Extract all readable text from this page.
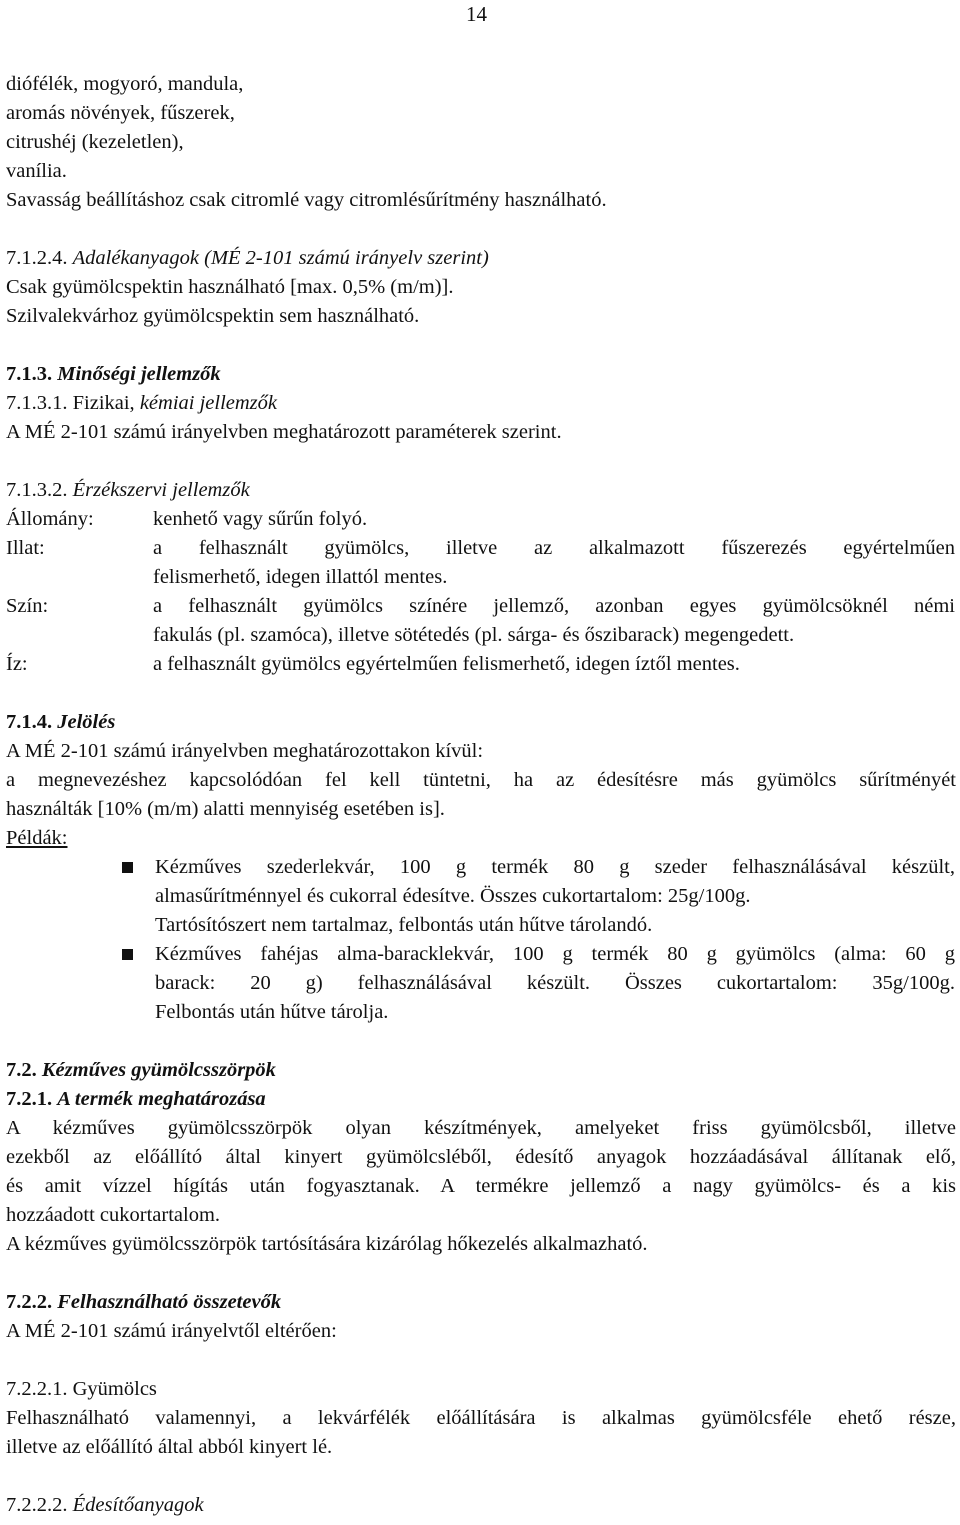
14
diófélék, mogyoró, mandula,
aromás növények, fűszerek,
citrushéj (kezeletlen),
vanília.
Savasság beállításhoz csak citromlé vagy citromlésűrítmény használható.
7.1.2.4. Adalékanyagok (MÉ 2-101 számú irányelv szerint)
Csak gyümölcspektin használható [max. 0,5% (m/m)].
Szilvalekvárhoz gyümölcspektin sem használható.
7.1.3. Minőségi jellemzők
7.1.3.1. Fizikai, kémiai jellemzők
A MÉ 2-101 számú irányelvben meghatározott paraméterek szerint.
7.1.3.2. Érzékszervi jellemzők
Állomány:	kenhető vagy sűrűn folyó.
Illat:	a felhasznált gyümölcs, illetve az alkalmazott fűszerezés egyértelműen
felismerhető, idegen illattól mentes.
Szín:	a felhasznált gyümölcs színére jellemző, azonban egyes gyümölcsöknél némi
fakulás (pl. szamóca), illetve sötétedés (pl. sárga- és őszibarack) megengedett.
Íz:	a felhasznált gyümölcs egyértelműen felismerhető, idegen íztől mentes.
7.1.4. Jelölés
A MÉ 2-101 számú irányelvben meghatározottakon kívül:
a megnevezéshez kapcsolódóan fel kell tüntetni, ha az édesítésre más gyümölcs sűrítményét
használták [10% (m/m) alatti mennyiség esetében is].
Példák:
Kézműves szederlekvár, 100 g termék 80 g szeder felhasználásával készült,
almasűrítménnyel és cukorral édesítve. Összes cukortartalom: 25g/100g.
Tartósítószert nem tartalmaz, felbontás után hűtve tárolandó.
Kézműves fahéjas alma-baracklekvár, 100 g termék 80 g gyümölcs (alma: 60 g
barack: 20 g) felhasználásával készült. Összes cukortartalom: 35g/100g.
Felbontás után hűtve tárolja.
7.2. Kézműves gyümölcsszörpök
7.2.1. A termék meghatározása
A kézműves gyümölcsszörpök olyan készítmények, amelyeket friss gyümölcsből, illetve
ezekből az előállító által kinyert gyümölcsléből, édesítő anyagok hozzáadásával állítanak elő,
és amit vízzel hígítás után fogyasztanak. A termékre jellemző a nagy gyümölcs- és a kis
hozzáadott cukortartalom.
A kézműves gyümölcsszörpök tartósítására kizárólag hőkezelés alkalmazható.
7.2.2. Felhasználható összetevők
A MÉ 2-101 számú irányelvtől eltérően:
7.2.2.1. Gyümölcs
Felhasználható valamennyi, a lekvárfélék előállítására is alkalmas gyümölcsféle ehető része,
illetve az előállító által abból kinyert lé.
7.2.2.2. Édesítőanyagok
